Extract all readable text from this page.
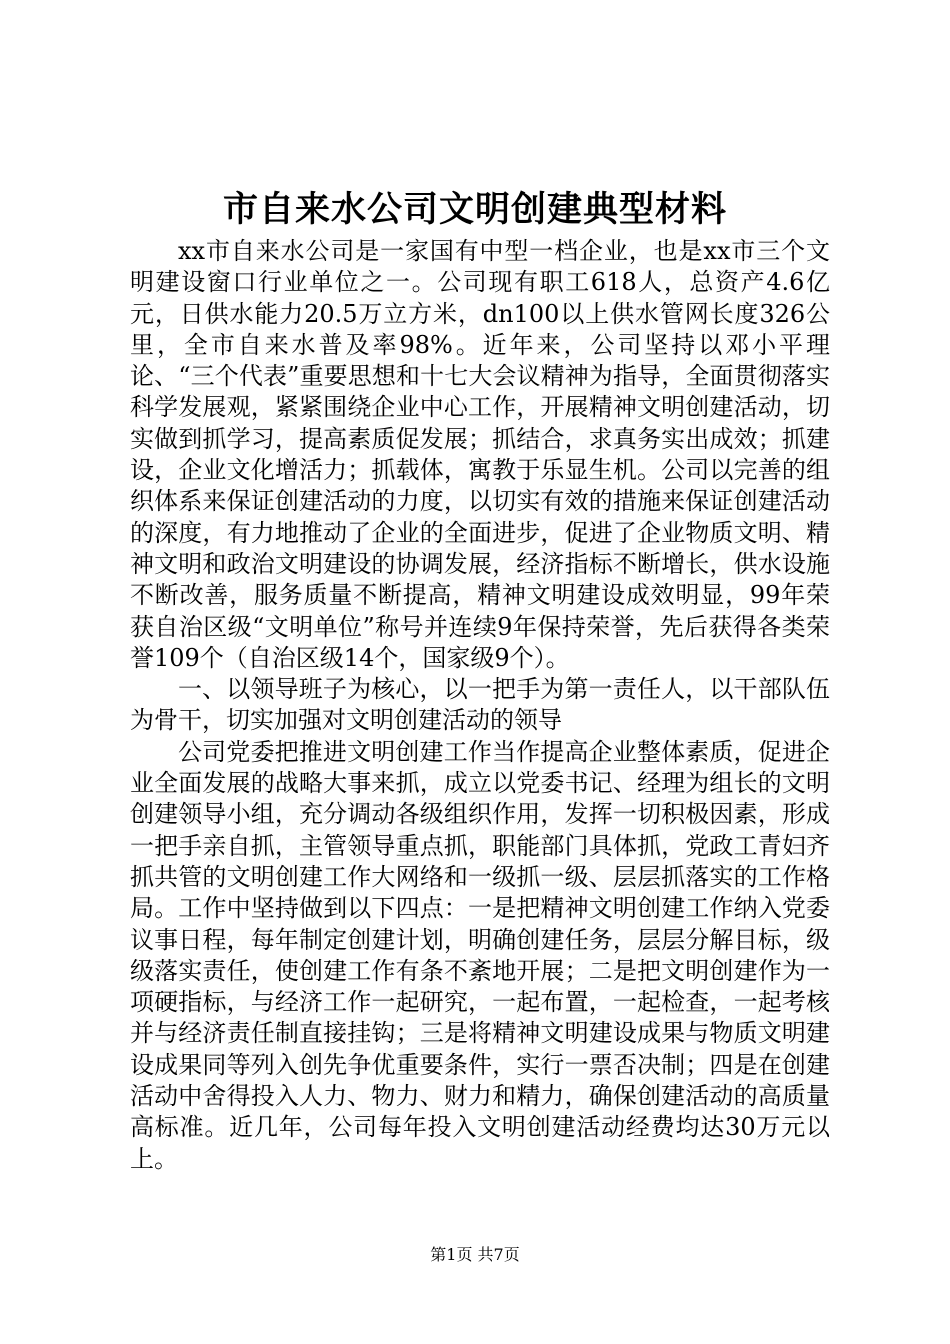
市自来水公司文明创建典型材料

xx市自来水公司是一家国有中型一档企业，也是xx市三个文明建设窗口行业单位之一。公司现有职工618人，总资产4.6亿元，日供水能力20.5万立方米，dn100以上供水管网长度326公里，全市自来水普及率98%。近年来，公司坚持以邓小平理论、“三个代表”重要思想和十七大会议精神为指导，全面贯彻落实科学发展观，紧紧围绕企业中心工作，开展精神文明创建活动，切实做到抓学习，提高素质促发展；抓结合，求真务实出成效；抓建设，企业文化增活力；抓载体，寓教于乐显生机。公司以完善的组织体系来保证创建活动的力度，以切实有效的措施来保证创建活动的深度，有力地推动了企业的全面进步，促进了企业物质文明、精神文明和政治文明建设的协调发展，经济指标不断增长，供水设施不断改善，服务质量不断提高，精神文明建设成效明显，99年荣获自治区级“文明单位”称号并连续9年保持荣誉，先后获得各类荣誉109个（自治区级14个，国家级9个）。

一、以领导班子为核心，以一把手为第一责任人，以干部队伍为骨干，切实加强对文明创建活动的领导

公司党委把推进文明创建工作当作提高企业整体素质，促进企业全面发展的战略大事来抓，成立以党委书记、经理为组长的文明创建领导小组，充分调动各级组织作用，发挥一切积极因素，形成一把手亲自抓，主管领导重点抓，职能部门具体抓，党政工青妇齐抓共管的文明创建工作大网络和一级抓一级、层层抓落实的工作格局。工作中坚持做到以下四点：一是把精神文明创建工作纳入党委议事日程，每年制定创建计划，明确创建任务，层层分解目标，级级落实责任，使创建工作有条不紊地开展；二是把文明创建作为一项硬指标，与经济工作一起研究，一起布置，一起检查，一起考核并与经济责任制直接挂钩；三是将精神文明建设成果与物质文明建设成果同等列入创先争优重要条件，实行一票否决制；四是在创建活动中舍得投入人力、物力、财力和精力，确保创建活动的高质量高标准。近几年，公司每年投入文明创建活动经费均达30万元以上。

第1页 共7页
